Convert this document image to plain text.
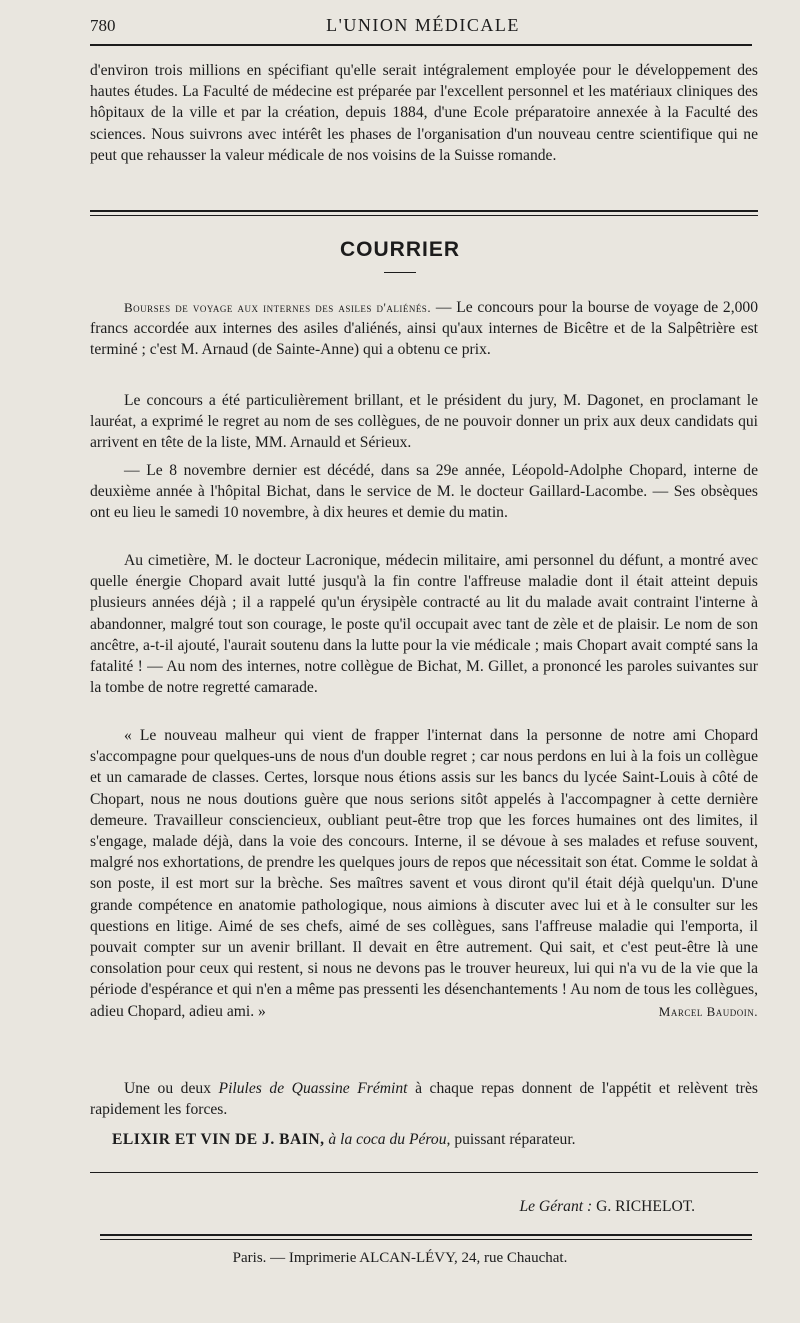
780	L'UNION MÉDICALE

d'environ trois millions en spécifiant qu'elle serait intégralement employée pour le développement des hautes études. La Faculté de médecine est préparée par l'excellent personnel et les matériaux cliniques des hôpitaux de la ville et par la création, depuis 1884, d'une Ecole préparatoire annexée à la Faculté des sciences. Nous suivrons avec intérêt les phases de l'organisation d'un nouveau centre scientifique qui ne peut que rehausser la valeur médicale de nos voisins de la Suisse romande.

COURRIER

Bourses de voyage aux internes des asiles d'aliénés. — Le concours pour la bourse de voyage de 2,000 francs accordée aux internes des asiles d'aliénés, ainsi qu'aux internes de Bicêtre et de la Salpêtrière est terminé ; c'est M. Arnaud (de Sainte-Anne) qui a obtenu ce prix.

Le concours a été particulièrement brillant, et le président du jury, M. Dagonet, en proclamant le lauréat, a exprimé le regret au nom de ses collègues, de ne pouvoir donner un prix aux deux candidats qui arrivent en tête de la liste, MM. Arnauld et Sérieux.

— Le 8 novembre dernier est décédé, dans sa 29e année, Léopold-Adolphe Chopard, interne de deuxième année à l'hôpital Bichat, dans le service de M. le docteur Gaillard-Lacombe. — Ses obsèques ont eu lieu le samedi 10 novembre, à dix heures et demie du matin.

Au cimetière, M. le docteur Lacronique, médecin militaire, ami personnel du défunt, a montré avec quelle énergie Chopard avait lutté jusqu'à la fin contre l'affreuse maladie dont il était atteint depuis plusieurs années déjà ; il a rappelé qu'un érysipèle contracté au lit du malade avait contraint l'interne à abandonner, malgré tout son courage, le poste qu'il occupait avec tant de zèle et de plaisir. Le nom de son ancêtre, a-t-il ajouté, l'aurait soutenu dans la lutte pour la vie médicale ; mais Chopart avait compté sans la fatalité ! — Au nom des internes, notre collègue de Bichat, M. Gillet, a prononcé les paroles suivantes sur la tombe de notre regretté camarade.

« Le nouveau malheur qui vient de frapper l'internat dans la personne de notre ami Chopard s'accompagne pour quelques-uns de nous d'un double regret ; car nous perdons en lui à la fois un collègue et un camarade de classes. Certes, lorsque nous étions assis sur les bancs du lycée Saint-Louis à côté de Chopart, nous ne nous doutions guère que nous serions sitôt appelés à l'accompagner à cette dernière demeure. Travailleur consciencieux, oubliant peut-être trop que les forces humaines ont des limites, il s'engage, malade déjà, dans la voie des concours. Interne, il se dévoue à ses malades et refuse souvent, malgré nos exhortations, de prendre les quelques jours de repos que nécessitait son état. Comme le soldat à son poste, il est mort sur la brèche. Ses maîtres savent et vous diront qu'il était déjà quelqu'un. D'une grande compétence en anatomie pathologique, nous aimions à discuter avec lui et à le consulter sur les questions en litige. Aimé de ses chefs, aimé de ses collègues, sans l'affreuse maladie qui l'emporta, il pouvait compter sur un avenir brillant. Il devait en être autrement. Qui sait, et c'est peut-être là une consolation pour ceux qui restent, si nous ne devons pas le trouver heureux, lui qui n'a vu de la vie que la période d'espérance et qui n'en a même pas pressenti les désenchantements ! Au nom de tous les collègues, adieu Chopard, adieu ami. »	Marcel Baudoin.

Une ou deux Pilules de Quassine Frémint à chaque repas donnent de l'appétit et relèvent très rapidement les forces.

ELIXIR ET VIN DE J. BAIN, à la coca du Pérou, puissant réparateur.

Le Gérant : G. RICHELOT.
Paris. — Imprimerie ALCAN-LÉVY, 24, rue Chauchat.
